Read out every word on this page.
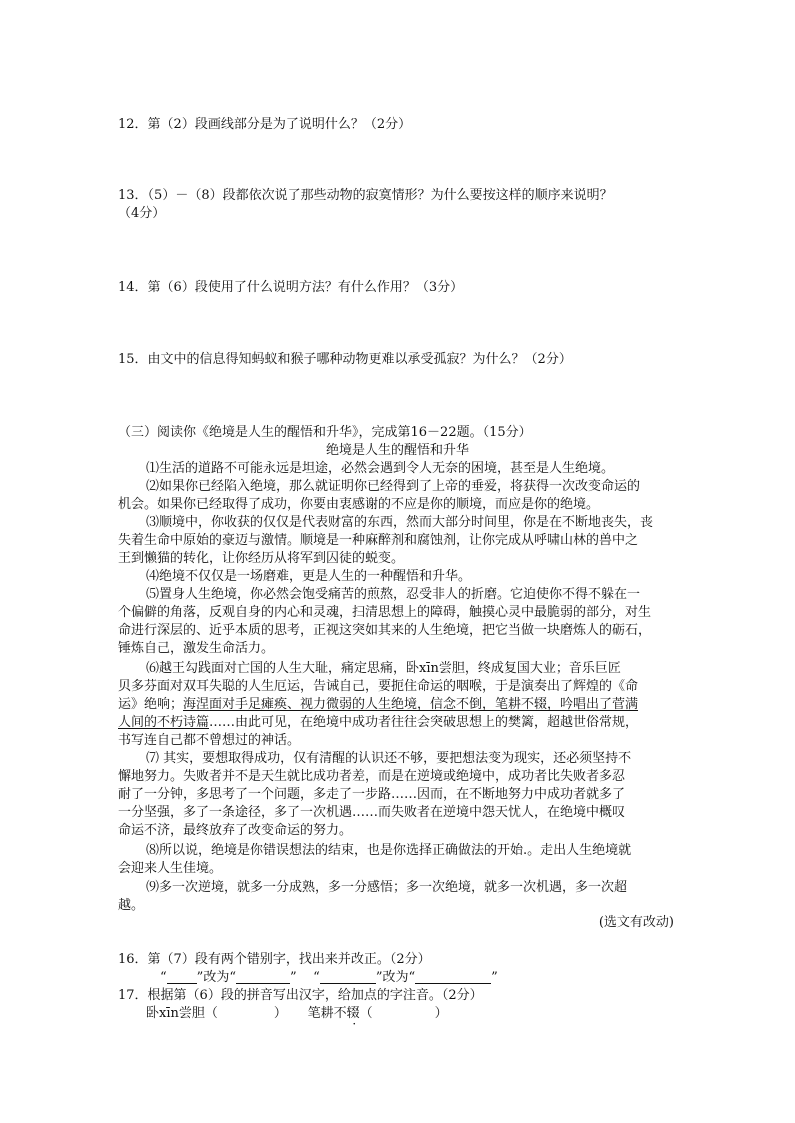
12．第（2）段画线部分是为了说明什么？（2分）
13．（5）－（8）段都依次说了那些动物的寂寞情形？为什么要按这样的顺序来说明？
（4分）
14．第（6）段使用了什么说明方法？有什么作用？（3分）
15．由文中的信息得知蚂蚁和猴子哪种动物更难以承受孤寂？为什么？（2分）
（三）阅读你《绝境是人生的醒悟和升华》，完成第16－22题。（15分）
绝境是人生的醒悟和升华
⑴生活的道路不可能永远是坦途，必然会遇到令人无奈的困境，甚至是人生绝境。
⑵如果你已经陷入绝境，那么就证明你已经得到了上帝的垂爱，将获得一次改变命运的
机会。如果你已经取得了成功，你要由衷感谢的不应是你的顺境，而应是你的绝境。
⑶顺境中，你收获的仅仅是代表财富的东西，然而大部分时间里，你是在不断地丧失，丧
失着生命中原始的豪迈与激情。顺境是一种麻醉剂和腐蚀剂，让你完成从呼啸山林的兽中之
王到懒猫的转化，让你经历从将军到囚徒的蜕变。
⑷绝境不仅仅是一场磨难，更是人生的一种醒悟和升华。
⑸置身人生绝境，你必然会饱受痛苦的煎熬，忍受非人的折磨。它迫使你不得不躲在一
个偏僻的角落，反观自身的内心和灵魂，扫清思想上的障碍，触摸心灵中最脆弱的部分，对生
命进行深层的、近乎本质的思考，正视这突如其来的人生绝境，把它当做一块磨炼人的砺石，
锤炼自己，激发生命活力。
⑹越王勾践面对亡国的人生大耻，痛定思痛，卧xīn尝胆，终成复国大业；音乐巨匠
贝多芬面对双耳失聪的人生厄运，告诫自己，要扼住命运的咽喉，于是演奏出了辉煌的《命
运》绝响；海涅面对手足瘫痪、视力微弱的人生绝境，信念不倒，笔耕不辍，吟唱出了菅满
人间的不朽诗篇……由此可见，在绝境中成功者往往会突破思想上的樊篱，超越世俗常规，
书写连自己都不曾想过的神话。
⑺ 其实，要想取得成功，仅有清醒的认识还不够，要把想法变为现实，还必须坚持不
懈地努力。失败者并不是天生就比成功者差，而是在逆境或绝境中，成功者比失败者多忍
耐了一分钟，多思考了一个问题，多走了一步路……因而，在不断地努力中成功者就多了
一分坚强，多了一条途径，多了一次机遇……而失败者在逆境中怨天忧人，在绝境中概叹
命运不济，最终放弃了改变命运的努力。
⑻所以说，绝境是你错误想法的结束，也是你选择正确做法的开始.。走出人生绝境就
会迎来人生佳境。
⑼多一次逆境，就多一分成熟，多一分感悟；多一次绝境，就多一次机遇，多一次超
越。
(选文有改动)
16．第（7）段有两个错别字，找出来并改正。（2分）
“ ”改为“	”    “	”改为“	”
17．根据第（6）段的拼音写出汉字，给加点的字注音。（2分）
卧xīn尝胆（	） 笔耕不辍（	）
